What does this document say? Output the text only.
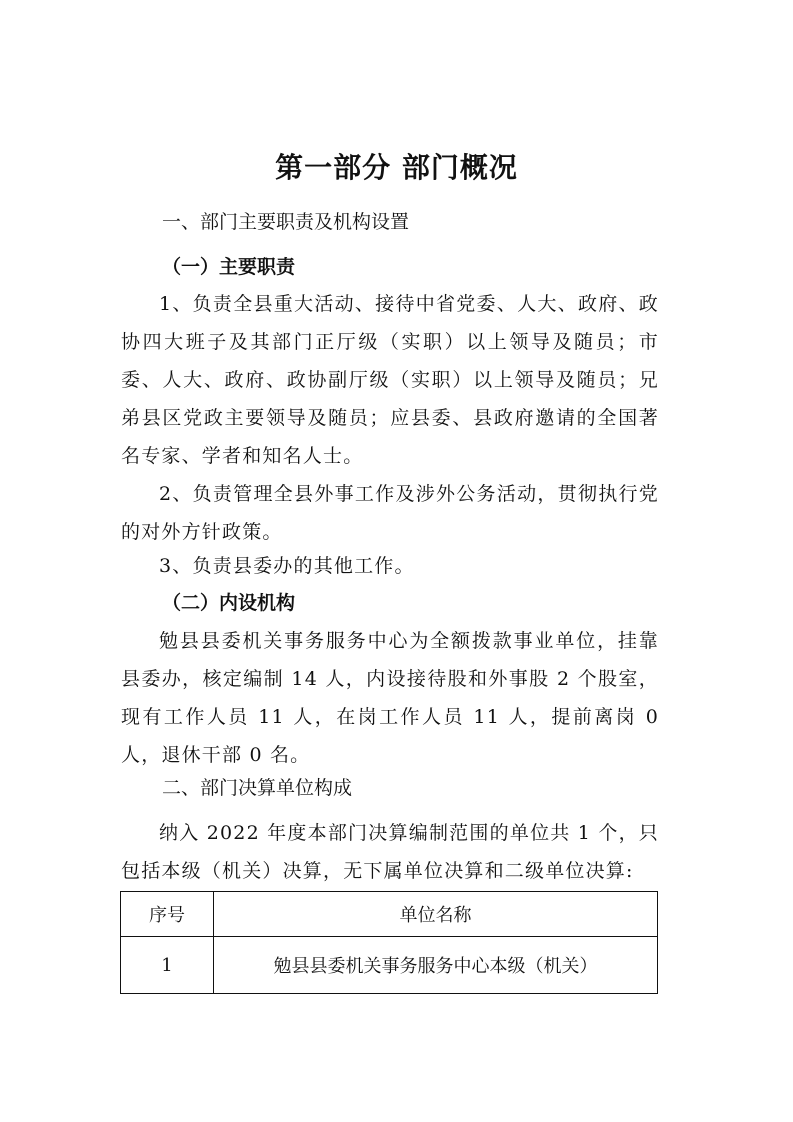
第一部分 部门概况
一、部门主要职责及机构设置
（一）主要职责
1、负责全县重大活动、接待中省党委、人大、政府、政协四大班子及其部门正厅级（实职）以上领导及随员；市委、人大、政府、政协副厅级（实职）以上领导及随员；兄弟县区党政主要领导及随员；应县委、县政府邀请的全国著名专家、学者和知名人士。
2、负责管理全县外事工作及涉外公务活动，贯彻执行党的对外方针政策。
3、负责县委办的其他工作。
（二）内设机构
勉县县委机关事务服务中心为全额拨款事业单位，挂靠县委办，核定编制 14 人，内设接待股和外事股 2 个股室，现有工作人员 11 人，在岗工作人员 11 人，提前离岗 0 人，退休干部 0 名。
二、部门决算单位构成
纳入 2022 年度本部门决算编制范围的单位共 1 个，只包括本级（机关）决算，无下属单位决算和二级单位决算:
序号	单位名称
1	勉县县委机关事务服务中心本级（机关）
